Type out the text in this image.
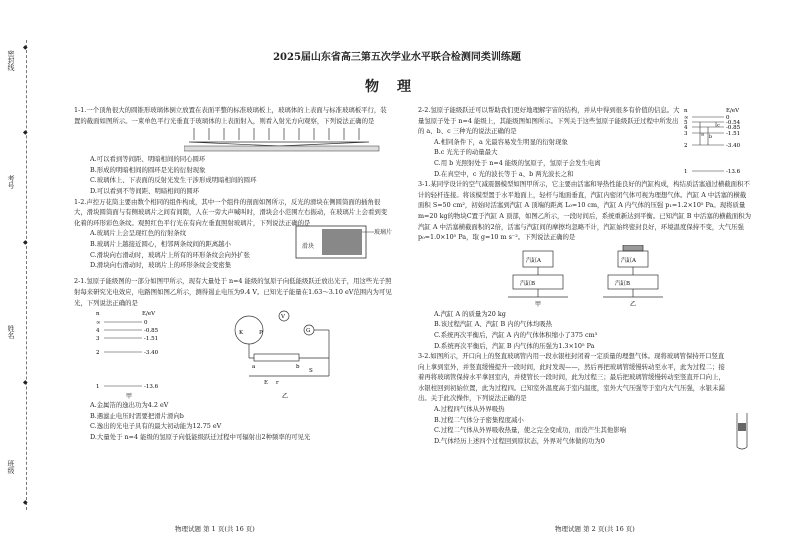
密封线
考号
姓名
班级
◆
◆
◆
◆
◆
2025届山东省高三第五次学业水平联合检测同类训练题
物理

1-1.一个顶角很大的圆锥形玻璃体倒立放置在表面平整的标准玻璃板上，玻璃体的上表面与标准玻璃板平行，装置的截面如图所示。一束单色平行光垂直于玻璃体的上表面射入，则看入射光方向观察，下列说法正确的是

A.可以看到等间距、明暗相间的同心圆环

B.形成的明暗相间的圆环是光的衍射现象

C.玻璃体上、下表面的反射光发生干涉形成明暗相间的圆环

D.可以看到不等间距、明暗相间的圆环

1-2.声控万花筒主要由数个相同的组件构成，其中一个组件的剖面如图所示，反光的滑块在侧圆筒面的插角很大，滑块圆筒面与有侧玻璃片之间有间隙，人在一旁大声喊叫时，滑块会小范围左右振动，在玻璃片上会看到变化着的环形彩色条纹。观照红色平行光在有向左垂直照射玻璃片，下列说法正确的是

A.玻璃片上会呈现红色的衍射条纹

B.玻璃片上越接近圆心，相邻两条纹间的距离越小

C.滑块向右滑动时，玻璃片上所有的环形条纹会向外扩张

D.滑块向右滑动时，玻璃片上的环形条纹会变密集

滑块
玻璃片

2-1.氢原子能级图的一部分如图甲所示，现有大量处于 n=4 能级的氢原子向低能级跃迁放出光子，用这些光子照射每来研究光电效应，电路图如图乙所示，测得遏止电压为9.4 V。已知光子能量在1.63～3.10 eV范围内为可见光，下列说法正确的是

n	E/eV
∞	0
4	-0.85
3	-1.51
2	-3.40
1	-13.6
甲
V
G
K	P
a	b
E r
S
乙

A.金属箔的逸出功为4.2 eV

B.遇滤止电压时需要把滑片滑向b

C.逸出的光电子具有的最大初动能为12.75 eV

D.大量处于 n=4 能级的氢原子向低能级跃迁过程中可辐射出2种频率的可见光

2-2.氢原子能级跃迁可以帮助我们更好地理解宇宙的结构，并从中得到很多有价值的信息。大量氢原子处于 n=4 能级上，其能级图如图所示。下列关于这些氢原子能级跃迁过程中所发出的 a、b、c 三种光的说法正确的是

A.相同条件下，a 光最容易发生明显的衍射现象

B.c 光光子的动量最大

C.用 b 光照射处于 n=4 能级的氢原子，氢原子会发生电离

D.在真空中，c 光的波长等于 a、b 两光波长之和

n	E/eV
∞	0
5	-0.54
4	-0.85
3	-1.51
2	-3.40
1	-13.6
a b
c

3-1.某同学设计的空气减震器模型如图甲所示，它主要由活塞和导热性能良好的汽缸构成，构结质活塞通过横截面积不计的轻杆连接。将该模型置于水平地面上，轻杆与地面垂直，汽缸内密闭气体可视为理想气体。汽缸 A 中活塞的横截面积 S=50 cm²，初始时活塞到汽缸 A 顶端的距离 L₀=10 cm，汽缸 A 内气体的压强 p₁=1.2×10⁵ Pa。现将质量 m=20 kg的物块C置于汽缸 A 顶部，如图乙所示，一段时间后，系统重新达到平衡。已知汽缸 B 中活塞的横截面积为汽缸 A 中活塞横截面积的2倍，活塞与汽缸间的摩擦均忽略不计，汽缸始终密封良好，环境温度保持不变，大气压强 p₀=1.0×10⁵ Pa，取 g=10 m s⁻²。下列说法正确的是

汽缸A
汽缸B
汽缸A
汽缸B
甲	乙

A.汽缸 A 的质量为20 kg

B.该过程汽缸 A、汽缸 B 内的气体均吸热

C.系统再次平衡后，汽缸 A 内的气体体积缩小了375 cm³

D.系统再次平衡后，汽缸 B 内气体的压强为1.3×10⁵ Pa

3-2.如图所示，开口向上的竖直玻璃管内用一段水银柱封闭着一定质量的理想气体。现将玻璃管保持开口竖直向上拿到室外，并竖直缓慢提升一段时间，此时发现——，然后再把玻璃管缓慢转动至水平，此为过程二；接着再将玻璃管保持水平拿回室内，并使管长一段时间，此为过程三；最后把玻璃管缓慢转动至竖直开口向上，水银柱回到初始位置，此为过程四。已知室外温度高于室内温度，室外大气压强等于室内大气压强，水银未漏出。关于此次操作，下列说法正确的是

A.过程四气体从外界吸热

B.过程二气体分子密集程度减小

C.过程二气体从外界吸收热量，使之完全变成功，而没产生其他影响

D.气体经历上述四个过程回到原状态，外界对气体做的功为0

物理试题 第 1 页(共 16 页)	物理试题 第 2 页(共 16 页)
